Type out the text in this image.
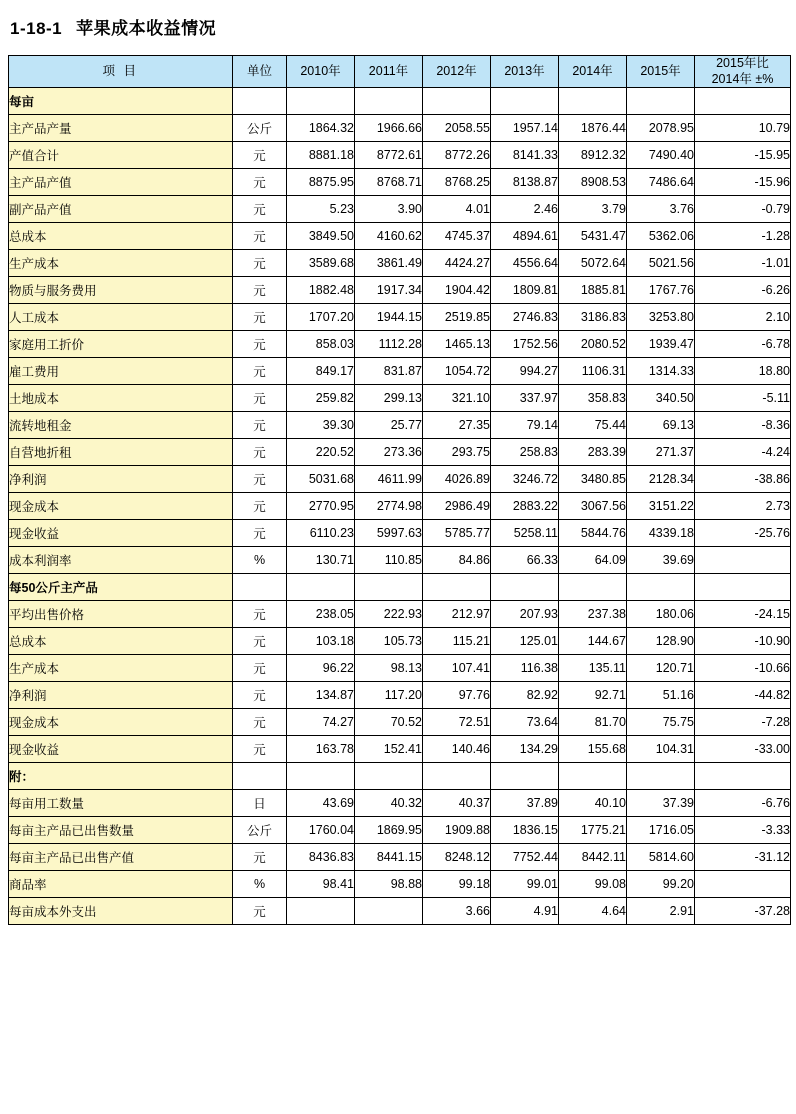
1-18-1 苹果成本收益情况
项 目	单位	2010年	2011年	2012年	2013年	2014年	2015年	2015年比
2014年 ±%

每亩								
主产品产量	公斤	1864.32	1966.66	2058.55	1957.14	1876.44	2078.95	10.79
产值合计	元	8881.18	8772.61	8772.26	8141.33	8912.32	7490.40	-15.95
主产品产值	元	8875.95	8768.71	8768.25	8138.87	8908.53	7486.64	-15.96
副产品产值	元	5.23	3.90	4.01	2.46	3.79	3.76	-0.79
总成本	元	3849.50	4160.62	4745.37	4894.61	5431.47	5362.06	-1.28
生产成本	元	3589.68	3861.49	4424.27	4556.64	5072.64	5021.56	-1.01
物质与服务费用	元	1882.48	1917.34	1904.42	1809.81	1885.81	1767.76	-6.26
人工成本	元	1707.20	1944.15	2519.85	2746.83	3186.83	3253.80	2.10
家庭用工折价	元	858.03	1112.28	1465.13	1752.56	2080.52	1939.47	-6.78
雇工费用	元	849.17	831.87	1054.72	994.27	1106.31	1314.33	18.80
土地成本	元	259.82	299.13	321.10	337.97	358.83	340.50	-5.11
流转地租金	元	39.30	25.77	27.35	79.14	75.44	69.13	-8.36
自营地折租	元	220.52	273.36	293.75	258.83	283.39	271.37	-4.24
净利润	元	5031.68	4611.99	4026.89	3246.72	3480.85	2128.34	-38.86
现金成本	元	2770.95	2774.98	2986.49	2883.22	3067.56	3151.22	2.73
现金收益	元	6110.23	5997.63	5785.77	5258.11	5844.76	4339.18	-25.76
成本利润率	%	130.71	110.85	84.86	66.33	64.09	39.69	
每50公斤主产品								
平均出售价格	元	238.05	222.93	212.97	207.93	237.38	180.06	-24.15
总成本	元	103.18	105.73	115.21	125.01	144.67	128.90	-10.90
生产成本	元	96.22	98.13	107.41	116.38	135.11	120.71	-10.66
净利润	元	134.87	117.20	97.76	82.92	92.71	51.16	-44.82
现金成本	元	74.27	70.52	72.51	73.64	81.70	75.75	-7.28
现金收益	元	163.78	152.41	140.46	134.29	155.68	104.31	-33.00
附：								
每亩用工数量	日	43.69	40.32	40.37	37.89	40.10	37.39	-6.76
每亩主产品已出售数量	公斤	1760.04	1869.95	1909.88	1836.15	1775.21	1716.05	-3.33
每亩主产品已出售产值	元	8436.83	8441.15	8248.12	7752.44	8442.11	5814.60	-31.12
商品率	%	98.41	98.88	99.18	99.01	99.08	99.20	
每亩成本外支出	元			3.66	4.91	4.64	2.91	-37.28
